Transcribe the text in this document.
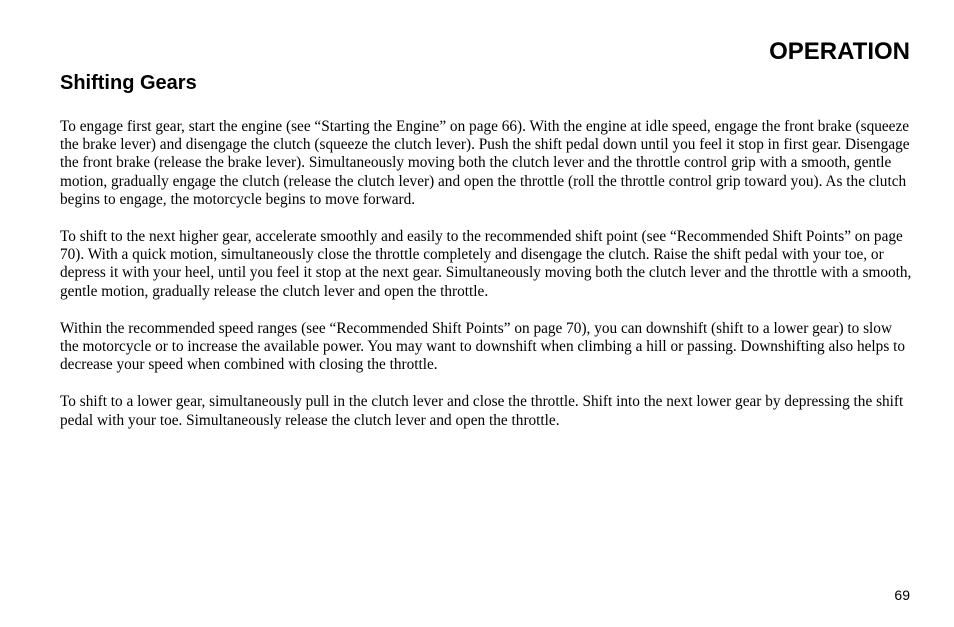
OPERATION
Shifting Gears

To engage first gear, start the engine (see “Starting the Engine” on page 66). With the engine at idle speed, engage the front brake (squeeze the brake lever) and disengage the clutch (squeeze the clutch lever). Push the shift pedal down until you feel it stop in first gear. Disengage the front brake (release the brake lever). Simultaneously moving both the clutch lever and the throttle control grip with a smooth, gentle motion, gradually engage the clutch (release the clutch lever) and open the throttle (roll the throttle control grip toward you). As the clutch begins to engage, the motorcycle begins to move forward.

To shift to the next higher gear, accelerate smoothly and easily to the recommended shift point (see “Recommended Shift Points” on page 70). With a quick motion, simultaneously close the throttle completely and disengage the clutch. Raise the shift pedal with your toe, or depress it with your heel, until you feel it stop at the next gear. Simultaneously moving both the clutch lever and the throttle with a smooth, gentle motion, gradually release the clutch lever and open the throttle.

Within the recommended speed ranges (see “Recommended Shift Points” on page 70), you can downshift (shift to a lower gear) to slow the motorcycle or to increase the available power. You may want to downshift when climbing a hill or passing. Downshifting also helps to decrease your speed when combined with closing the throttle.

To shift to a lower gear, simultaneously pull in the clutch lever and close the throttle. Shift into the next lower gear by depressing the shift pedal with your toe. Simultaneously release the clutch lever and open the throttle.

69
